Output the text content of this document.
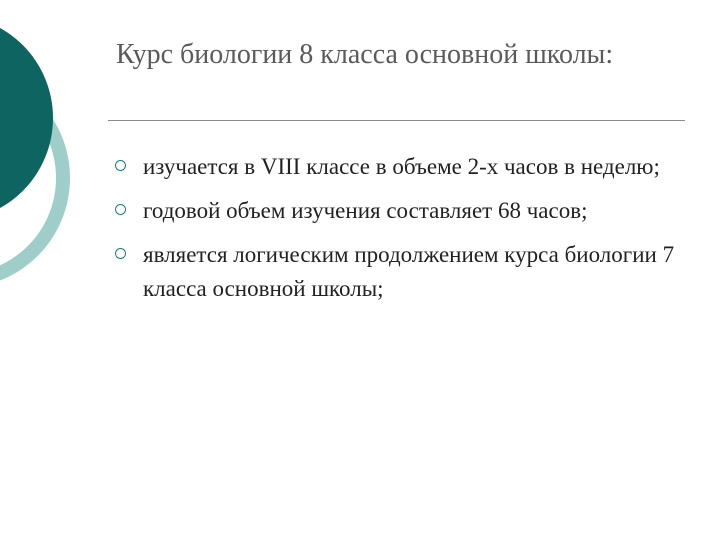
Курс биологии 8 класса основной школы:
изучается в VIII классе в объеме 2-х часов в неделю;
годовой объем изучения составляет 68 часов;
является логическим продолжением курса биологии 7 класса основной школы;
